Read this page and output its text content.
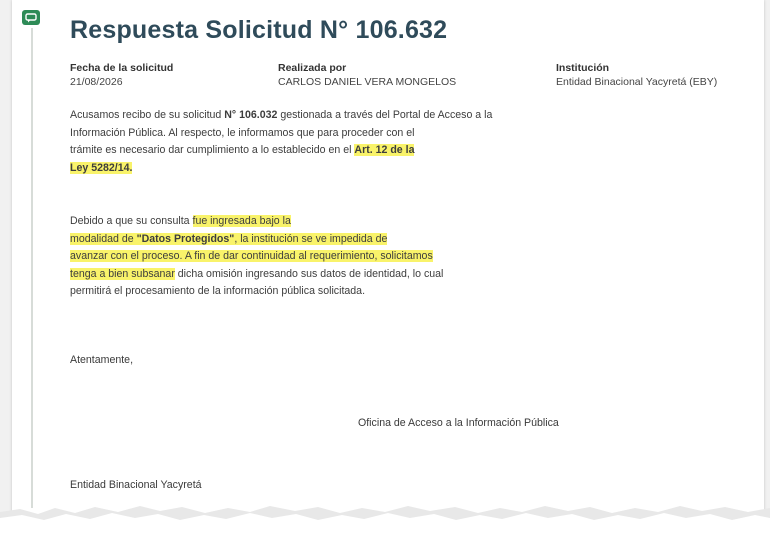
Respuesta Solicitud N° 106.632
Fecha de la solicitud
21/08/2026
Realizada por
CARLOS DANIEL VERA MONGELOS
Institución
Entidad Binacional Yacyretá (EBY)
Acusamos recibo de su solicitud N° 106.032 gestionada a través del Portal de Acceso a la
Información Pública. Al respecto, le informamos que para proceder con el
trámite es necesario dar cumplimiento a lo establecido en el Art. 12 de la
Ley 5282/14.
Debido a que su consulta fue ingresada bajo la
modalidad de "Datos Protegidos", la institución se ve impedida de
avanzar con el proceso. A fin de dar continuidad al requerimiento, solicitamos
tenga a bien subsanar dicha omisión ingresando sus datos de identidad, lo cual
permitirá el procesamiento de la información pública solicitada.
Atentamente,
Oficina de Acceso a la Información Pública
Entidad Binacional Yacyretá
